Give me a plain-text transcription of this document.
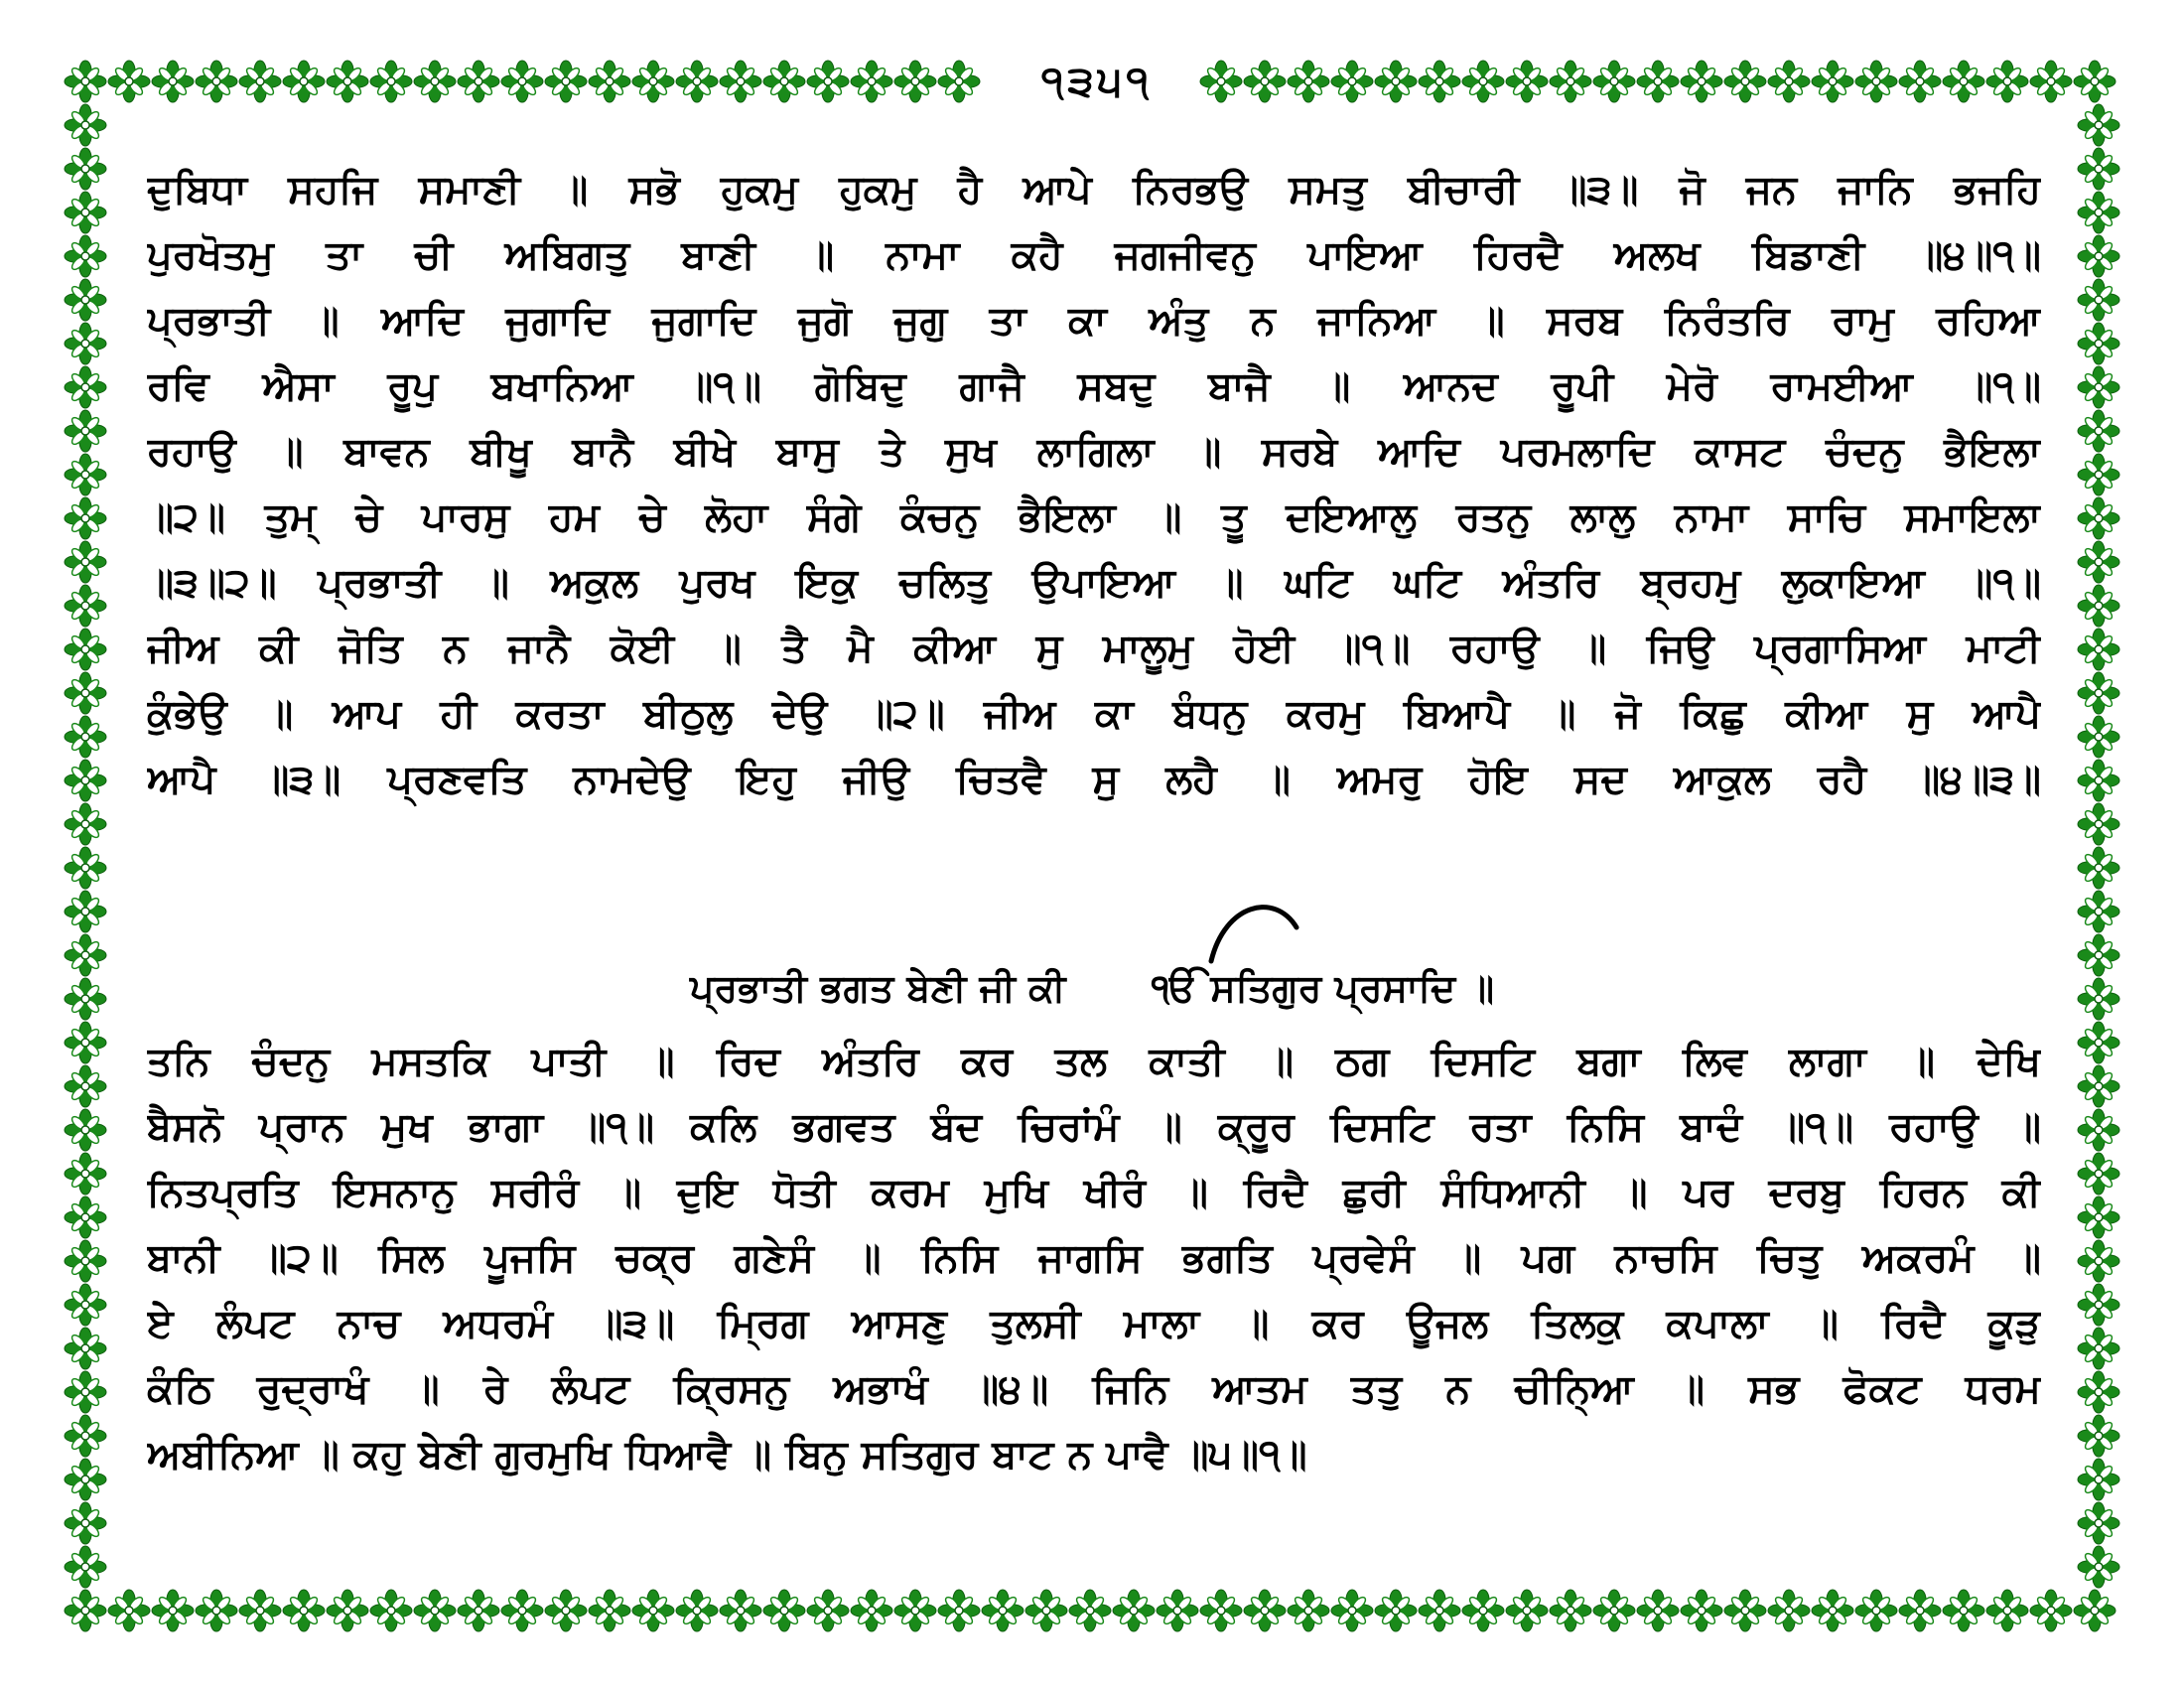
੧੩੫੧
ਦੁਬਿਧਾ ਸਹਜਿ ਸਮਾਣੀ ॥ ਸਭੋ ਹੁਕਮੁ ਹੁਕਮੁ ਹੈ ਆਪੇ ਨਿਰਭਉ ਸਮਤੁ ਬੀਚਾਰੀ ॥੩॥ ਜੋ ਜਨ ਜਾਨਿ ਭਜਹਿ
ਪੁਰਖੋਤਮੁ ਤਾ ਚੀ ਅਬਿਗਤੁ ਬਾਣੀ ॥ ਨਾਮਾ ਕਹੈ ਜਗਜੀਵਨੁ ਪਾਇਆ ਹਿਰਦੈ ਅਲਖ ਬਿਡਾਣੀ ॥੪॥੧॥
ਪ੍ਰਭਾਤੀ ॥ ਆਦਿ ਜੁਗਾਦਿ ਜੁਗਾਦਿ ਜੁਗੋ ਜੁਗੁ ਤਾ ਕਾ ਅੰਤੁ ਨ ਜਾਨਿਆ ॥ ਸਰਬ ਨਿਰੰਤਰਿ ਰਾਮੁ ਰਹਿਆ
ਰਵਿ ਐਸਾ ਰੂਪੁ ਬਖਾਨਿਆ ॥੧॥ ਗੋਬਿਦੁ ਗਾਜੈ ਸਬਦੁ ਬਾਜੈ ॥ ਆਨਦ ਰੂਪੀ ਮੇਰੋ ਰਾਮਈਆ ॥੧॥
ਰਹਾਉ ॥ ਬਾਵਨ ਬੀਖੂ ਬਾਨੈ ਬੀਖੇ ਬਾਸੁ ਤੇ ਸੁਖ ਲਾਗਿਲਾ ॥ ਸਰਬੇ ਆਦਿ ਪਰਮਲਾਦਿ ਕਾਸਟ ਚੰਦਨੁ ਭੈਇਲਾ
॥੨॥ ਤੁਮ੍ ਚੇ ਪਾਰਸੁ ਹਮ ਚੇ ਲੋਹਾ ਸੰਗੇ ਕੰਚਨੁ ਭੈਇਲਾ ॥ ਤੂ ਦਇਆਲੁ ਰਤਨੁ ਲਾਲੁ ਨਾਮਾ ਸਾਚਿ ਸਮਾਇਲਾ
॥੩॥੨॥ ਪ੍ਰਭਾਤੀ ॥ ਅਕੁਲ ਪੁਰਖ ਇਕੁ ਚਲਿਤੁ ਉਪਾਇਆ ॥ ਘਟਿ ਘਟਿ ਅੰਤਰਿ ਬ੍ਰਹਮੁ ਲੁਕਾਇਆ ॥੧॥
ਜੀਅ ਕੀ ਜੋਤਿ ਨ ਜਾਨੈ ਕੋਈ ॥ ਤੈ ਮੈ ਕੀਆ ਸੁ ਮਾਲੂਮੁ ਹੋਈ ॥੧॥ ਰਹਾਉ ॥ ਜਿਉ ਪ੍ਰਗਾਸਿਆ ਮਾਟੀ
ਕੁੰਭੇਉ ॥ ਆਪ ਹੀ ਕਰਤਾ ਬੀਠੁਲੁ ਦੇਉ ॥੨॥ ਜੀਅ ਕਾ ਬੰਧਨੁ ਕਰਮੁ ਬਿਆਪੈ ॥ ਜੋ ਕਿਛੁ ਕੀਆ ਸੁ ਆਪੈ
ਆਪੈ ॥੩॥ ਪ੍ਰਣਵਤਿ ਨਾਮਦੇਉ ਇਹੁ ਜੀਉ ਚਿਤਵੈ ਸੁ ਲਹੈ ॥ ਅਮਰੁ ਹੋਇ ਸਦ ਆਕੁਲ ਰਹੈ ॥੪॥੩॥
ਪ੍ਰਭਾਤੀ ਭਗਤ ਬੇਣੀ ਜੀ ਕੀ ੴ ਸਤਿਗੁਰ ਪ੍ਰਸਾਦਿ ॥
ਤਨਿ ਚੰਦਨੁ ਮਸਤਕਿ ਪਾਤੀ ॥ ਰਿਦ ਅੰਤਰਿ ਕਰ ਤਲ ਕਾਤੀ ॥ ਠਗ ਦਿਸਟਿ ਬਗਾ ਲਿਵ ਲਾਗਾ ॥ ਦੇਖਿ
ਬੈਸਨੋ ਪ੍ਰਾਨ ਮੁਖ ਭਾਗਾ ॥੧॥ ਕਲਿ ਭਗਵਤ ਬੰਦ ਚਿਰਾਂਮੰ ॥ ਕ੍ਰੂਰ ਦਿਸਟਿ ਰਤਾ ਨਿਸਿ ਬਾਦੰ ॥੧॥ ਰਹਾਉ ॥
ਨਿਤਪ੍ਰਤਿ ਇਸਨਾਨੁ ਸਰੀਰੰ ॥ ਦੁਇ ਧੋਤੀ ਕਰਮ ਮੁਖਿ ਖੀਰੰ ॥ ਰਿਦੈ ਛੁਰੀ ਸੰਧਿਆਨੀ ॥ ਪਰ ਦਰਬੁ ਹਿਰਨ ਕੀ
ਬਾਨੀ ॥੨॥ ਸਿਲ ਪੂਜਸਿ ਚਕ੍ਰ ਗਣੇਸੰ ॥ ਨਿਸਿ ਜਾਗਸਿ ਭਗਤਿ ਪ੍ਰਵੇਸੰ ॥ ਪਗ ਨਾਚਸਿ ਚਿਤੁ ਅਕਰਮੰ ॥
ਏ ਲੰਪਟ ਨਾਚ ਅਧਰਮੰ ॥੩॥ ਮ੍ਰਿਗ ਆਸਣੁ ਤੁਲਸੀ ਮਾਲਾ ॥ ਕਰ ਊਜਲ ਤਿਲਕੁ ਕਪਾਲਾ ॥ ਰਿਦੈ ਕੂੜੁ
ਕੰਠਿ ਰੁਦ੍ਰਾਖੰ ॥ ਰੇ ਲੰਪਟ ਕ੍ਰਿਸਨੁ ਅਭਾਖੰ ॥੪॥ ਜਿਨਿ ਆਤਮ ਤਤੁ ਨ ਚੀਨਿ੍ਆ ॥ ਸਭ ਫੋਕਟ ਧਰਮ
ਅਬੀਨਿਆ ॥ ਕਹੁ ਬੇਣੀ ਗੁਰਮੁਖਿ ਧਿਆਵੈ ॥ ਬਿਨੁ ਸਤਿਗੁਰ ਬਾਟ ਨ ਪਾਵੈ ॥੫॥੧॥
